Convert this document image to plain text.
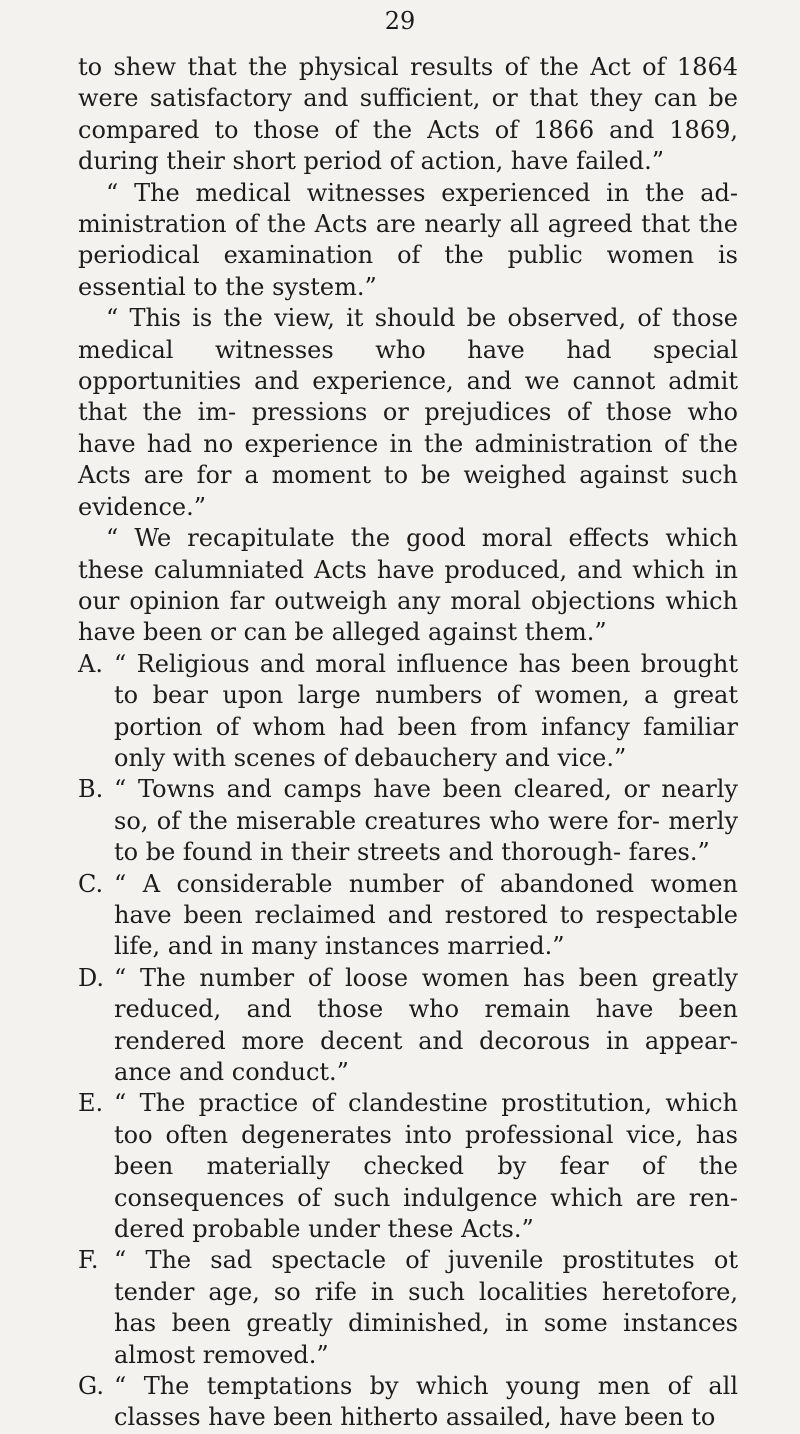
29

to shew that the physical results of the Act of 1864 were satisfactory and sufficient, or that they can be compared to those of the Acts of 1866 and 1869, during their short period of action, have failed.”

“ The medical witnesses experienced in the ad- ministration of the Acts are nearly all agreed that the periodical examination of the public women is essential to the system.”

“ This is the view, it should be observed, of those medical witnesses who have had special opportunities and experience, and we cannot admit that the im- pressions or prejudices of those who have had no experience in the administration of the Acts are for a moment to be weighed against such evidence.”

“ We recapitulate the good moral effects which these calumniated Acts have produced, and which in our opinion far outweigh any moral objections which have been or can be alleged against them.”

A. “ Religious and moral influence has been brought to bear upon large numbers of women, a great portion of whom had been from infancy familiar only with scenes of debauchery and vice.”

B. “ Towns and camps have been cleared, or nearly so, of the miserable creatures who were for- merly to be found in their streets and thorough- fares.”

C. “ A considerable number of abandoned women have been reclaimed and restored to respectable life, and in many instances married.”

D. “ The number of loose women has been greatly reduced, and those who remain have been rendered more decent and decorous in appear- ance and conduct.”

E. “ The practice of clandestine prostitution, which too often degenerates into professional vice, has been materially checked by fear of the consequences of such indulgence which are ren- dered probable under these Acts.”

F. “ The sad spectacle of juvenile prostitutes ot tender age, so rife in such localities heretofore, has been greatly diminished, in some instances almost removed.”

G. “ The temptations by which young men of all classes have been hitherto assailed, have been to
